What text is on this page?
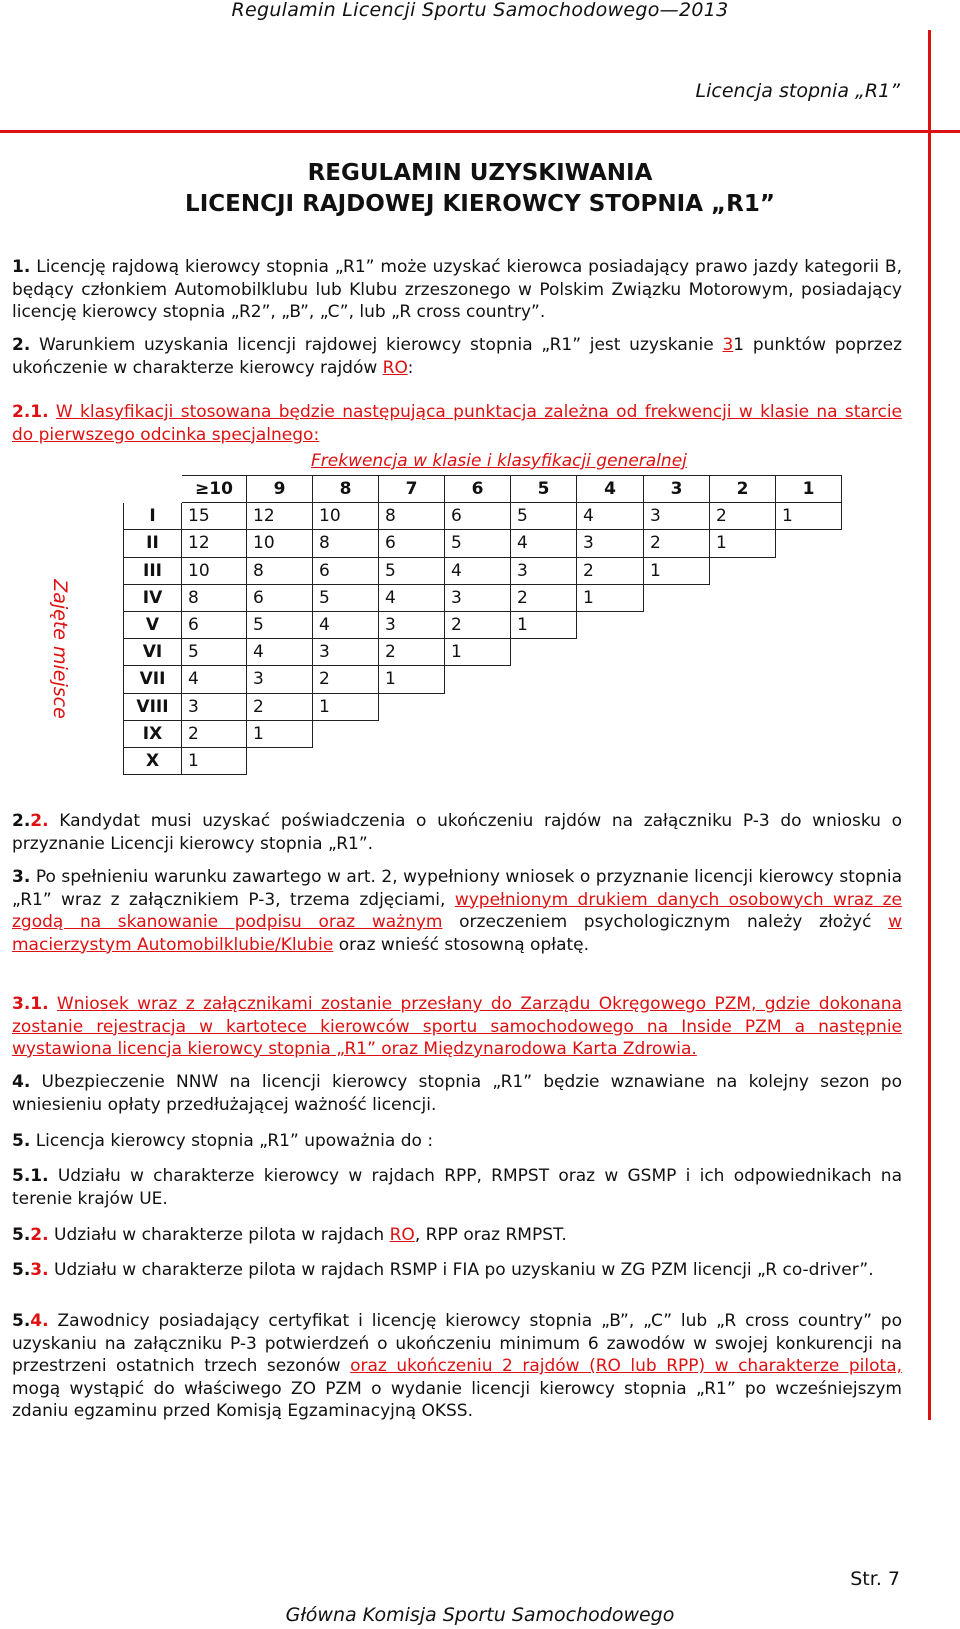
Regulamin Licencji Sportu Samochodowego—2013
Licencja stopnia „R1”
REGULAMIN UZYSKIWANIA
LICENCJI RAJDOWEJ KIEROWCY STOPNIA „R1”
1. Licencję rajdową kierowcy stopnia „R1” może uzyskać kierowca posiadający prawo jazdy kategorii B, będący członkiem Automobilklubu lub Klubu zrzeszonego w Polskim Związku Motorowym, posiadający licencję kierowcy stopnia „R2”, „B”, „C”, lub „R cross country”.
2. Warunkiem uzyskania licencji rajdowej kierowcy stopnia „R1” jest uzyskanie 31 punktów poprzez ukończenie w charakterze kierowcy rajdów RO:
2.1. W klasyfikacji stosowana będzie następująca punktacja zależna od frekwencji w klasie na starcie do pierwszego odcinka specjalnego:
Frekwencja w klasie i klasyfikacji generalnej
Zajęte miejsce
	≥10	9	8	7	6	5	4	3	2	1
I	15	12	10	8	6	5	4	3	2	1
II	12	10	8	6	5	4	3	2	1	
III	10	8	6	5	4	3	2	1		
IV	8	6	5	4	3	2	1			
V	6	5	4	3	2	1				
VI	5	4	3	2	1					
VII	4	3	2	1						
VIII	3	2	1							
IX	2	1								
X	1									
2.2. Kandydat musi uzyskać poświadczenia o ukończeniu rajdów na załączniku P-3 do wniosku o przyznanie Licencji kierowcy stopnia „R1”.
3. Po spełnieniu warunku zawartego w art. 2, wypełniony wniosek o przyznanie licencji kierowcy stopnia „R1” wraz z załącznikiem P-3, trzema zdjęciami, wypełnionym drukiem danych osobowych wraz ze zgodą na skanowanie podpisu oraz ważnym orzeczeniem psychologicznym należy złożyć w macierzystym Automobilklubie/Klubie oraz wnieść stosowną opłatę.
3.1. Wniosek wraz z załącznikami zostanie przesłany do Zarządu Okręgowego PZM, gdzie dokonana zostanie rejestracja w kartotece kierowców sportu samochodowego na Inside PZM a następnie wystawiona licencja kierowcy stopnia „R1” oraz Międzynarodowa Karta Zdrowia.
4. Ubezpieczenie NNW na licencji kierowcy stopnia „R1” będzie wznawiane na kolejny sezon po wniesieniu opłaty przedłużającej ważność licencji.
5. Licencja kierowcy stopnia „R1” upoważnia do :
5.1. Udziału w charakterze kierowcy w rajdach RPP, RMPST oraz w GSMP i ich odpowiednikach na terenie krajów UE.
5.2. Udziału w charakterze pilota w rajdach RO, RPP oraz RMPST.
5.3. Udziału w charakterze pilota w rajdach RSMP i FIA po uzyskaniu w ZG PZM licencji „R co-driver”.
5.4. Zawodnicy posiadający certyfikat i licencję kierowcy stopnia „B”, „C” lub „R cross country” po uzyskaniu na załączniku P-3 potwierdzeń o ukończeniu minimum 6 zawodów w swojej konkurencji na przestrzeni ostatnich trzech sezonów oraz ukończeniu 2 rajdów (RO lub RPP) w charakterze pilota, mogą wystąpić do właściwego ZO PZM o wydanie licencji kierowcy stopnia „R1” po wcześniejszym zdaniu egzaminu przed Komisją Egzaminacyjną OKSS.
Str. 7
Główna Komisja Sportu Samochodowego
